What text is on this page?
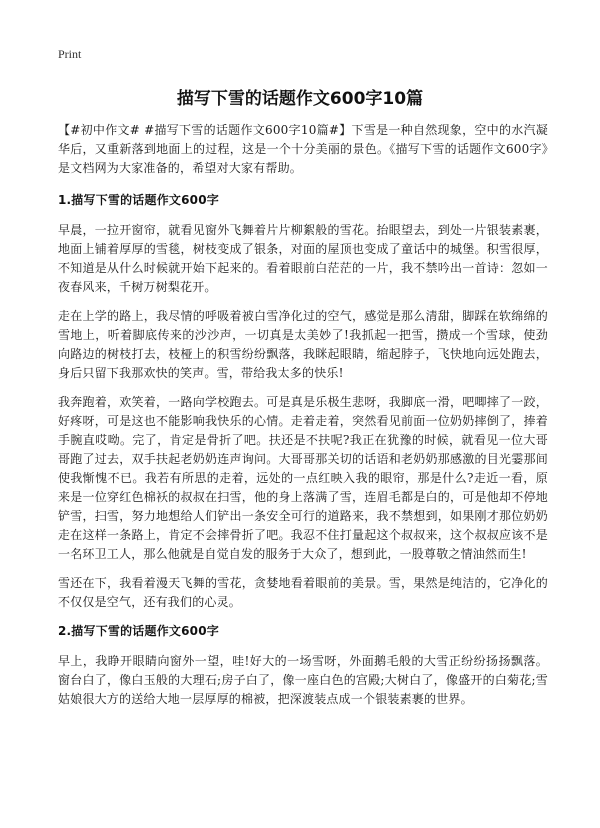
Print
描写下雪的话题作文600字10篇

【#初中作文# #描写下雪的话题作文600字10篇#】下雪是一种自然现象，空中的水汽凝华后，又重新落到地面上的过程，这是一个十分美丽的景色。《描写下雪的话题作文600字》是文档网为大家准备的，希望对大家有帮助。

1.描写下雪的话题作文600字

早晨，一拉开窗帘，就看见窗外飞舞着片片柳絮般的雪花。抬眼望去，到处一片银装素裹，地面上铺着厚厚的雪毯，树枝变成了银条，对面的屋顶也变成了童话中的城堡。积雪很厚，不知道是从什么时候就开始下起来的。看着眼前白茫茫的一片，我不禁吟出一首诗：忽如一夜春风来，千树万树梨花开。

走在上学的路上，我尽情的呼吸着被白雪净化过的空气，感觉是那么清甜，脚踩在软绵绵的雪地上，听着脚底传来的沙沙声，一切真是太美妙了!我抓起一把雪，攒成一个雪球，使劲向路边的树枝打去，枝桠上的积雪纷纷飘落，我眯起眼睛，缩起脖子，飞快地向远处跑去，身后只留下我那欢快的笑声。雪，带给我太多的快乐!

我奔跑着，欢笑着，一路向学校跑去。可是真是乐极生悲呀，我脚底一滑，吧唧摔了一跤，好疼呀，可是这也不能影响我快乐的心情。走着走着，突然看见前面一位奶奶摔倒了，捧着手腕直哎呦。完了，肯定是骨折了吧。扶还是不扶呢?我正在犹豫的时候，就看见一位大哥哥跑了过去，双手扶起老奶奶连声询问。大哥哥那关切的话语和老奶奶那感激的目光霎那间使我惭愧不已。我若有所思的走着，远处的一点红映入我的眼帘，那是什么?走近一看，原来是一位穿红色棉袄的叔叔在扫雪，他的身上落满了雪，连眉毛都是白的，可是他却不停地铲雪，扫雪，努力地想给人们铲出一条安全可行的道路来，我不禁想到，如果刚才那位奶奶走在这样一条路上，肯定不会摔骨折了吧。我忍不住打量起这个叔叔来，这个叔叔应该不是一名环卫工人，那么他就是自觉自发的服务于大众了，想到此，一股尊敬之情油然而生!

雪还在下，我看着漫天飞舞的雪花，贪婪地看着眼前的美景。雪，果然是纯洁的，它净化的不仅仅是空气，还有我们的心灵。

2.描写下雪的话题作文600字

早上，我睁开眼睛向窗外一望，哇!好大的一场雪呀，外面鹅毛般的大雪正纷纷扬扬飘落。窗台白了，像白玉般的大理石;房子白了，像一座白色的宫殿;大树白了，像盛开的白菊花;雪姑娘很大方的送给大地一层厚厚的棉被，把深渡装点成一个银装素裹的世界。
